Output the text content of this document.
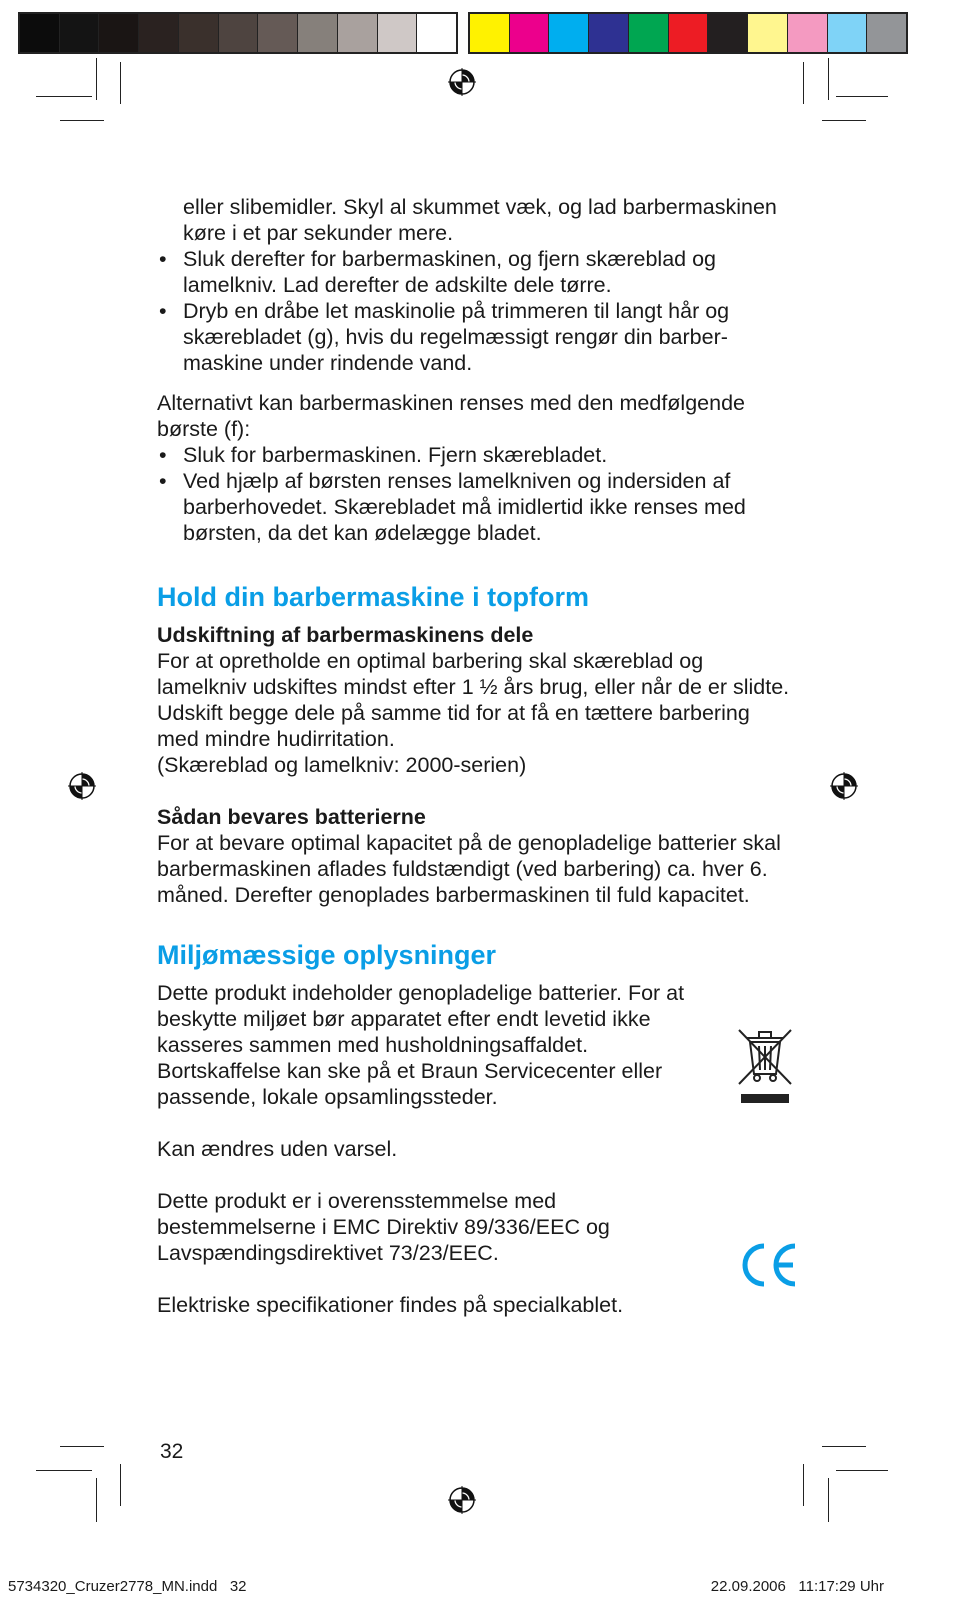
eller slibemidler. Skyl al skummet væk, og lad barbermaskinen køre i et par sekunder mere.

• Sluk derefter for barbermaskinen, og fjern skæreblad og lamelkniv. Lad derefter de adskilte dele tørre.
• Dryb en dråbe let maskinolie på trimmeren til langt hår og skærebladet (g), hvis du regelmæssigt rengør din barbermaskine under rindende vand.

Alternativt kan barbermaskinen renses med den medfølgende børste (f):

• Sluk for barbermaskinen. Fjern skærebladet.
• Ved hjælp af børsten renses lamelkniven og indersiden af barberhovedet. Skærebladet må imidlertid ikke renses med børsten, da det kan ødelægge bladet.
Hold din barbermaskine i topform

Udskiftning af barbermaskinens dele

For at opretholde en optimal barbering skal skæreblad og lamelkniv udskiftes mindst efter 1 ½ års brug, eller når de er slidte. Udskift begge dele på samme tid for at få en tættere barbering med mindre hudirritation.

(Skæreblad og lamelkniv: 2000-serien)

Sådan bevares batterierne

For at bevare optimal kapacitet på de genopladelige batterier skal barbermaskinen aflades fuldstændigt (ved barbering) ca. hver 6. måned. Derefter genoplades barbermaskinen til fuld kapacitet.

Miljømæssige oplysninger

Dette produkt indeholder genopladelige batterier. For at beskytte miljøet bør apparatet efter endt levetid ikke kasseres sammen med husholdningsaffaldet. Bortskaffelse kan ske på et Braun Servicecenter eller passende, lokale opsamlingssteder.

Kan ændres uden varsel.

Dette produkt er i overensstemmelse med bestemmelserne i EMC Direktiv 89/336/EEC og Lavspændingsdirektivet 73/23/EEC.

Elektriske specifikationer findes på specialkablet.

32
5734320_Cruzer2778_MN.indd   32	22.09.2006   11:17:29 Uhr
